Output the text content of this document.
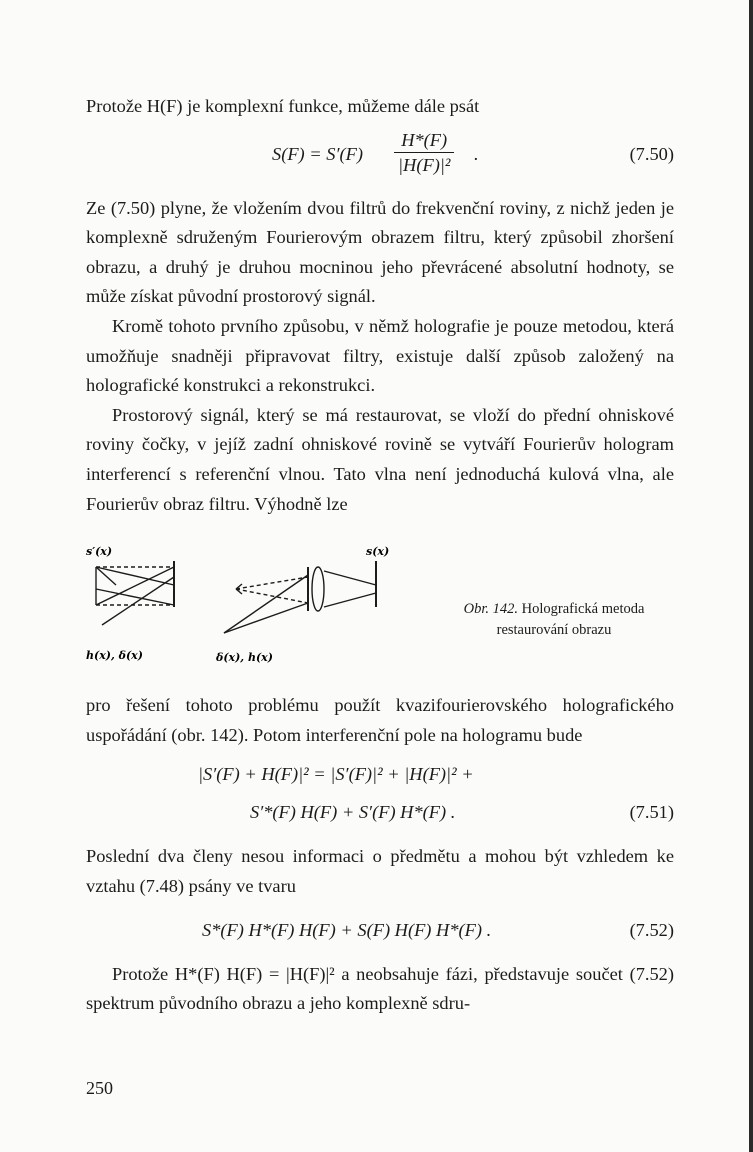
Protože H(F) je komplexní funkce, můžeme dále psát

$S(F) = S'(F) \frac{H*(F)}{\text{|H(F)|²}}$ .	(7.50)

Ze (7.50) plyne, že vložením dvou filtrů do frekvenční roviny, z nichž jeden je komplexně sdruženým Fourierovým obrazem filtru, který způsobil zhoršení obrazu, a druhý je druhou mocninou jeho převrácené absolutní hodnoty, se může získat původní prostorový signál.

Kromě tohoto prvního způsobu, v němž holografie je pouze metodou, která umožňuje snadněji připravovat filtry, existuje další způsob založený na holografické konstrukci a rekonstrukci.

Prostorový signál, který se má restaurovat, se vloží do přední ohniskové roviny čočky, v jejíž zadní ohniskové rovině se vytváří Fourierův hologram interferencí s referenční vlnou. Tato vlna není jednoduchá kulová vlna, ale Fourierův obraz filtru. Výhodně lze

s′(x)
h(x), δ(x)	δ(x), h(x)
s(x)
Obr. 142. Holografická metoda
restaurování obrazu

pro řešení tohoto problému použít kvazifourierovského holografického uspořádání (obr. 142). Potom interferenční pole na hologramu bude

|S′(F) + H(F)|² = |S′(F)|² + |H(F)|² +
S′*(F) H(F) + S′(F) H*(F) .	(7.51)

Poslední dva členy nesou informaci o předmětu a mohou být vzhledem ke vztahu (7.48) psány ve tvaru

S*(F) H*(F) H(F) + S(F) H(F) H*(F) .	(7.52)

Protože H*(F) H(F) = |H(F)|² a neobsahuje fázi, představuje součet (7.52) spektrum původního obrazu a jeho komplexně sdru-

250
